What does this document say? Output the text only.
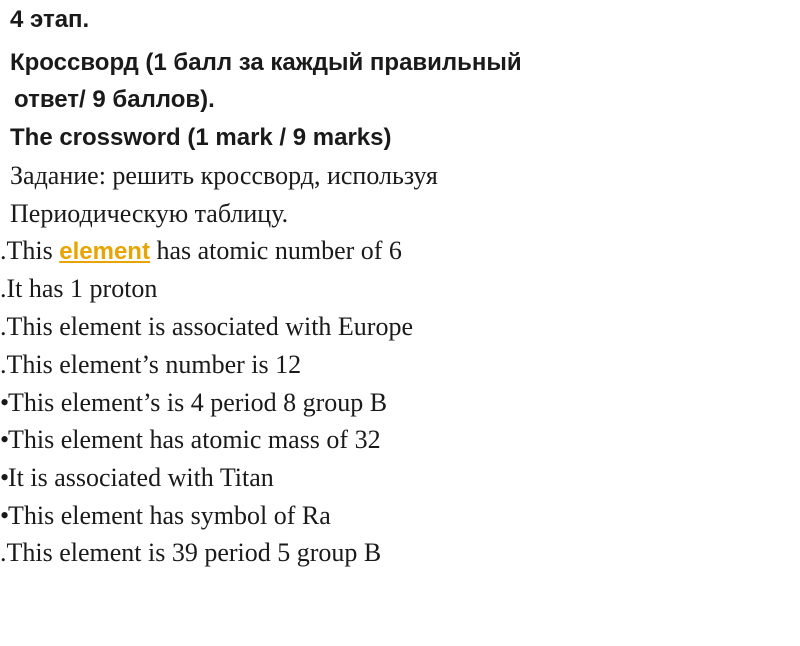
4 этап.
Кроссворд (1 балл за каждый правильный
ответ/ 9 баллов).
The crossword (1 mark / 9 marks)
Задание: решить кроссворд, используя
Периодическую таблицу.
.This element has atomic number of 6
.It has 1 proton
.This element is associated with Europe
.This element’s number is 12
•This element’s is 4 period 8 group B
•This element has atomic mass of 32
•It is associated with Titan
•This element has symbol of Ra
.This element is 39 period 5 group B
